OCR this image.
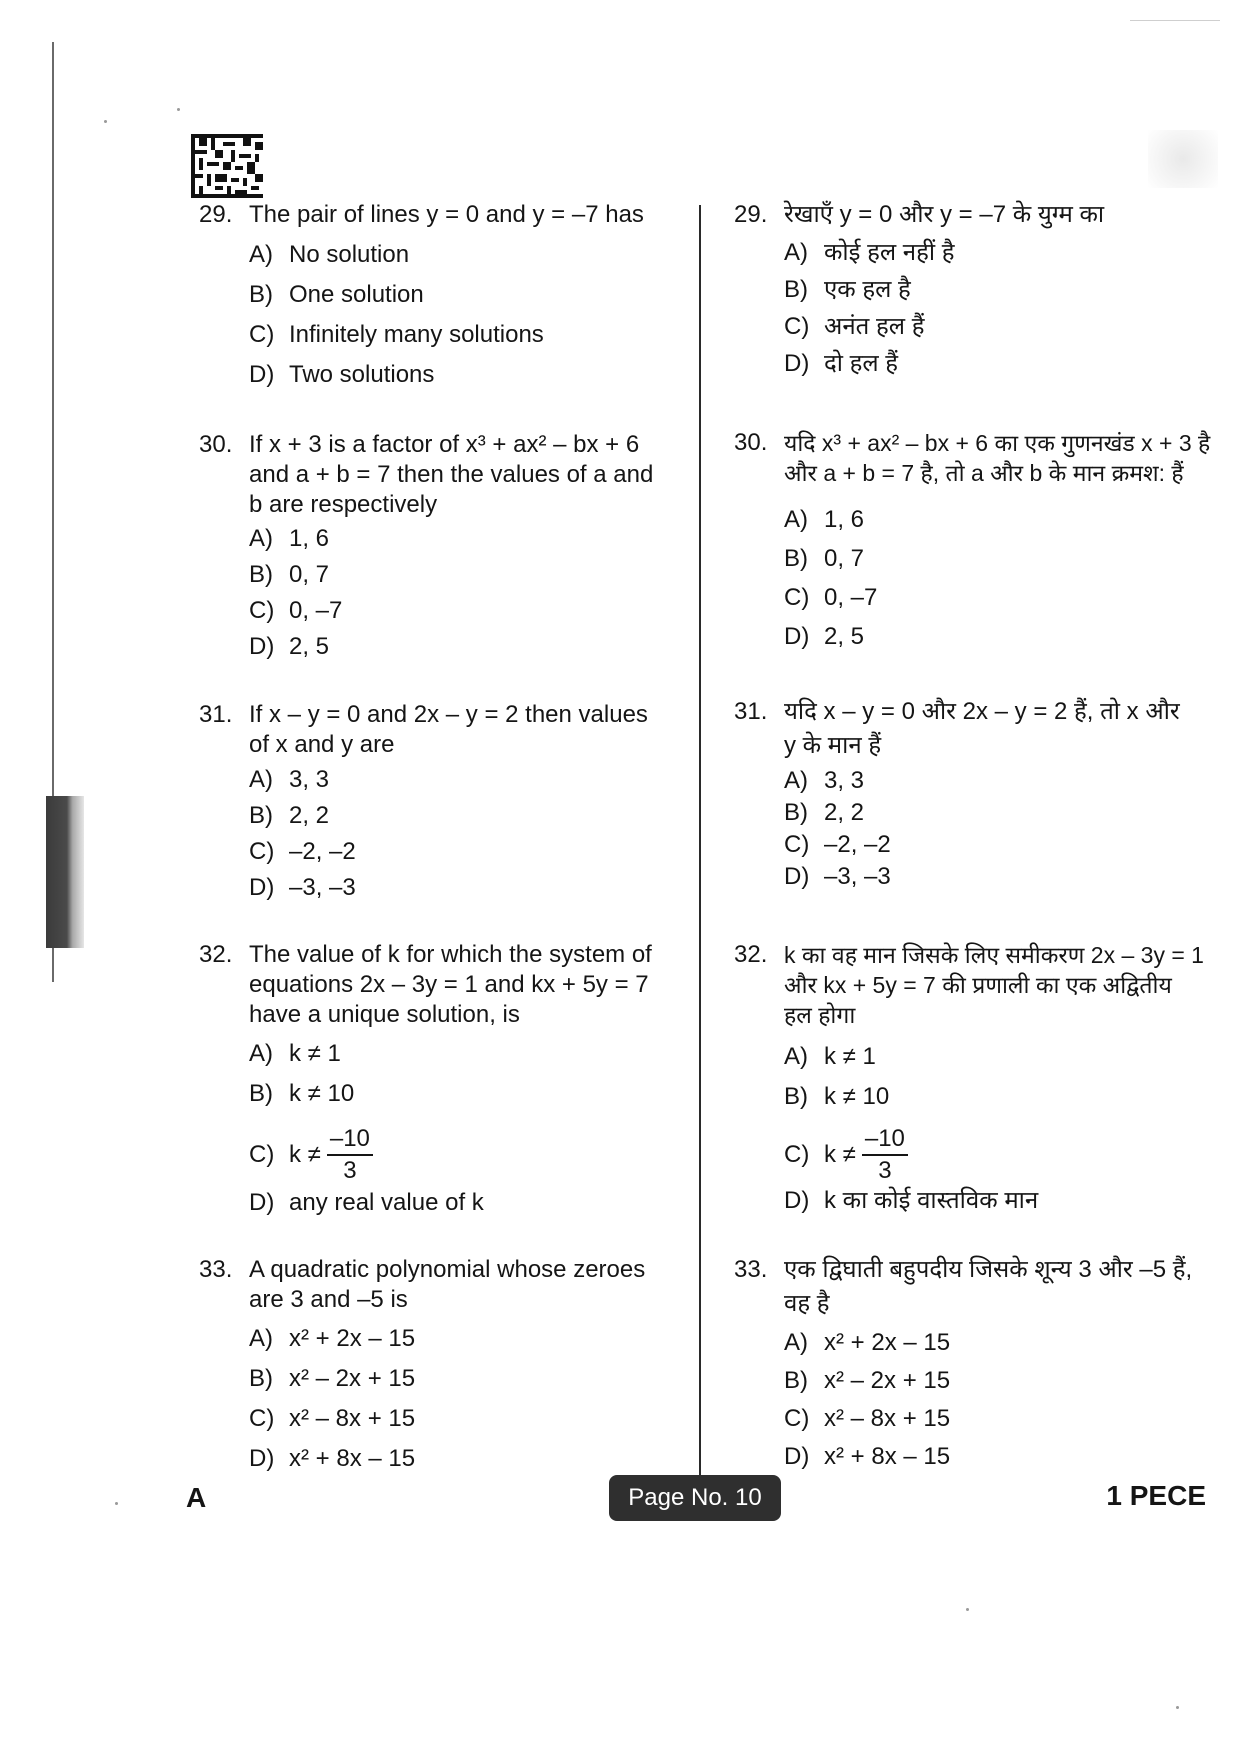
29. The pair of lines y = 0 and y = –7 has
A) No solution
B) One solution
C) Infinitely many solutions
D) Two solutions
30. If x + 3 is a factor of x³ + ax² – bx + 6
and a + b = 7 then the values of a and
b are respectively
A) 1, 6
B) 0, 7
C) 0, –7
D) 2, 5
31. If x – y = 0 and 2x – y = 2 then values
of x and y are
A) 3, 3
B) 2, 2
C) –2, –2
D) –3, –3
32. The value of k for which the system of
equations 2x – 3y = 1 and kx + 5y = 7
have a unique solution, is
A) k ≠ 1
B) k ≠ 10
C) $k \ne \frac{-10}{3}$
D) any real value of k
33. A quadratic polynomial whose zeroes
are 3 and –5 is
A) x² + 2x – 15
B) x² – 2x + 15
C) x² – 8x + 15
D) x² + 8x – 15
29. रेखाएँ y = 0 और y = –7 के युग्म का
A) कोई हल नहीं है
B) एक हल है
C) अनंत हल हैं
D) दो हल हैं
30. यदि x³ + ax² – bx + 6 का एक गुणनखंड x + 3 है
और a + b = 7 है, तो a और b के मान क्रमश: हैं
A) 1, 6
B) 0, 7
C) 0, –7
D) 2, 5
31. यदि x – y = 0 और 2x – y = 2 हैं, तो x और
y के मान हैं
A) 3, 3
B) 2, 2
C) –2, –2
D) –3, –3
32. k का वह मान जिसके लिए समीकरण 2x – 3y = 1
और kx + 5y = 7 की प्रणाली का एक अद्वितीय
हल होगा
A) k ≠ 1
B) k ≠ 10
C) $k \ne \frac{-10}{3}$
D) k का कोई वास्तविक मान
33. एक द्विघाती बहुपदीय जिसके शून्य 3 और –5 हैं,
वह है
A) x² + 2x – 15
B) x² – 2x + 15
C) x² – 8x + 15
D) x² + 8x – 15
A	Page No. 10	1 PECE
